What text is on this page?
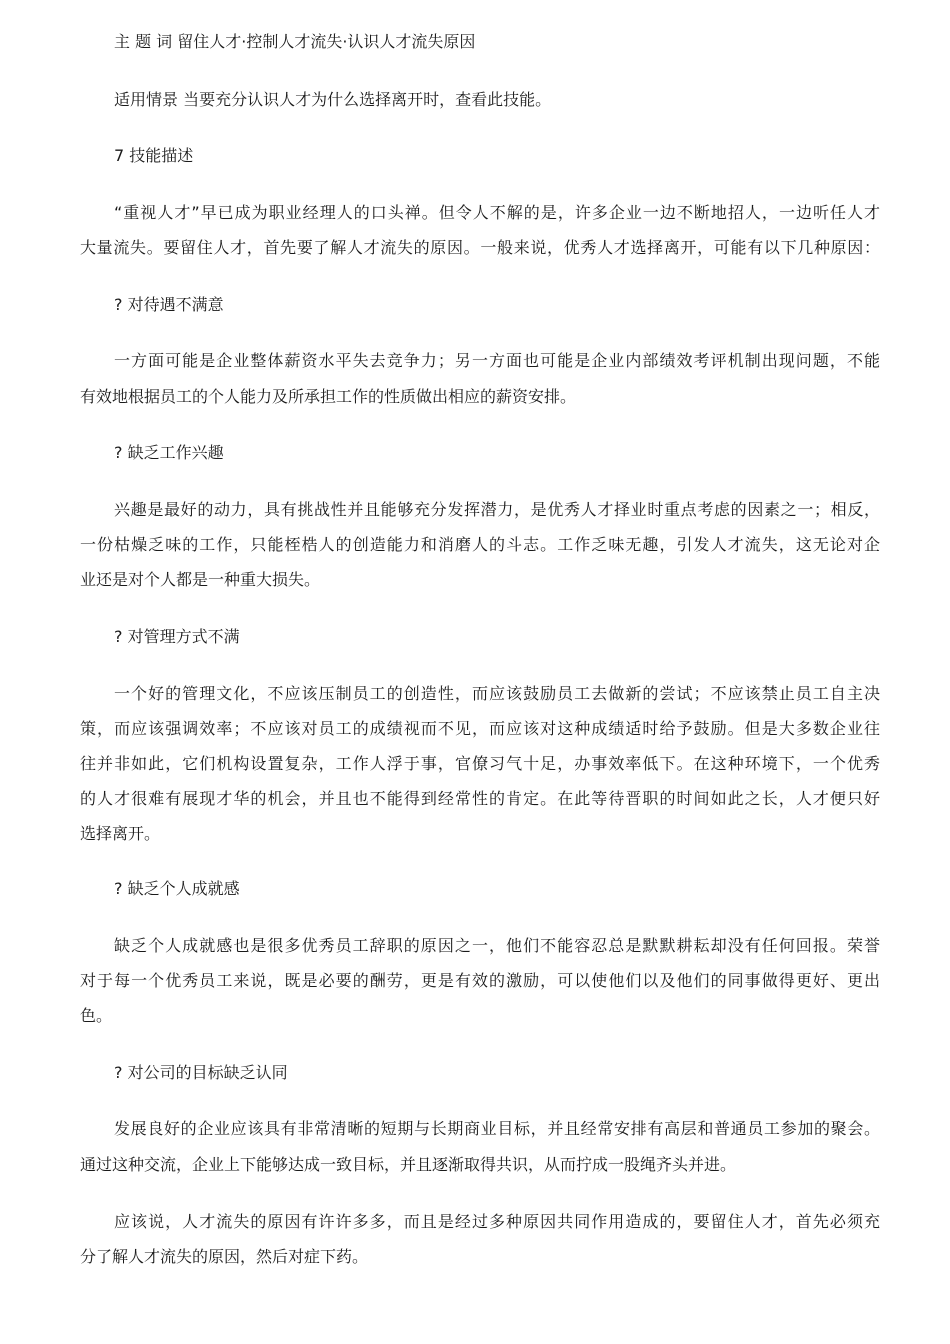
主 题 词 留住人才·控制人才流失·认识人才流失原因
适用情景 当要充分认识人才为什么选择离开时，查看此技能。
7 技能描述
“重视人才”早已成为职业经理人的口头禅。但令人不解的是，许多企业一边不断地招人，一边听任人才
大量流失。要留住人才，首先要了解人才流失的原因。一般来说，优秀人才选择离开，可能有以下几种原因：
? 对待遇不满意
一方面可能是企业整体薪资水平失去竞争力；另一方面也可能是企业内部绩效考评机制出现问题，不能
有效地根据员工的个人能力及所承担工作的性质做出相应的薪资安排。
? 缺乏工作兴趣
兴趣是最好的动力，具有挑战性并且能够充分发挥潜力，是优秀人才择业时重点考虑的因素之一；相反，
一份枯燥乏味的工作，只能桎梏人的创造能力和消磨人的斗志。工作乏味无趣，引发人才流失，这无论对企
业还是对个人都是一种重大损失。
? 对管理方式不满
一个好的管理文化，不应该压制员工的创造性，而应该鼓励员工去做新的尝试；不应该禁止员工自主决
策，而应该强调效率；不应该对员工的成绩视而不见，而应该对这种成绩适时给予鼓励。但是大多数企业往
往并非如此，它们机构设置复杂，工作人浮于事，官僚习气十足，办事效率低下。在这种环境下，一个优秀
的人才很难有展现才华的机会，并且也不能得到经常性的肯定。在此等待晋职的时间如此之长，人才便只好
选择离开。
? 缺乏个人成就感
缺乏个人成就感也是很多优秀员工辞职的原因之一，他们不能容忍总是默默耕耘却没有任何回报。荣誉
对于每一个优秀员工来说，既是必要的酬劳，更是有效的激励，可以使他们以及他们的同事做得更好、更出
色。
? 对公司的目标缺乏认同
发展良好的企业应该具有非常清晰的短期与长期商业目标，并且经常安排有高层和普通员工参加的聚会。
通过这种交流，企业上下能够达成一致目标，并且逐渐取得共识，从而拧成一股绳齐头并进。
应该说，人才流失的原因有许许多多，而且是经过多种原因共同作用造成的，要留住人才，首先必须充
分了解人才流失的原因，然后对症下药。
